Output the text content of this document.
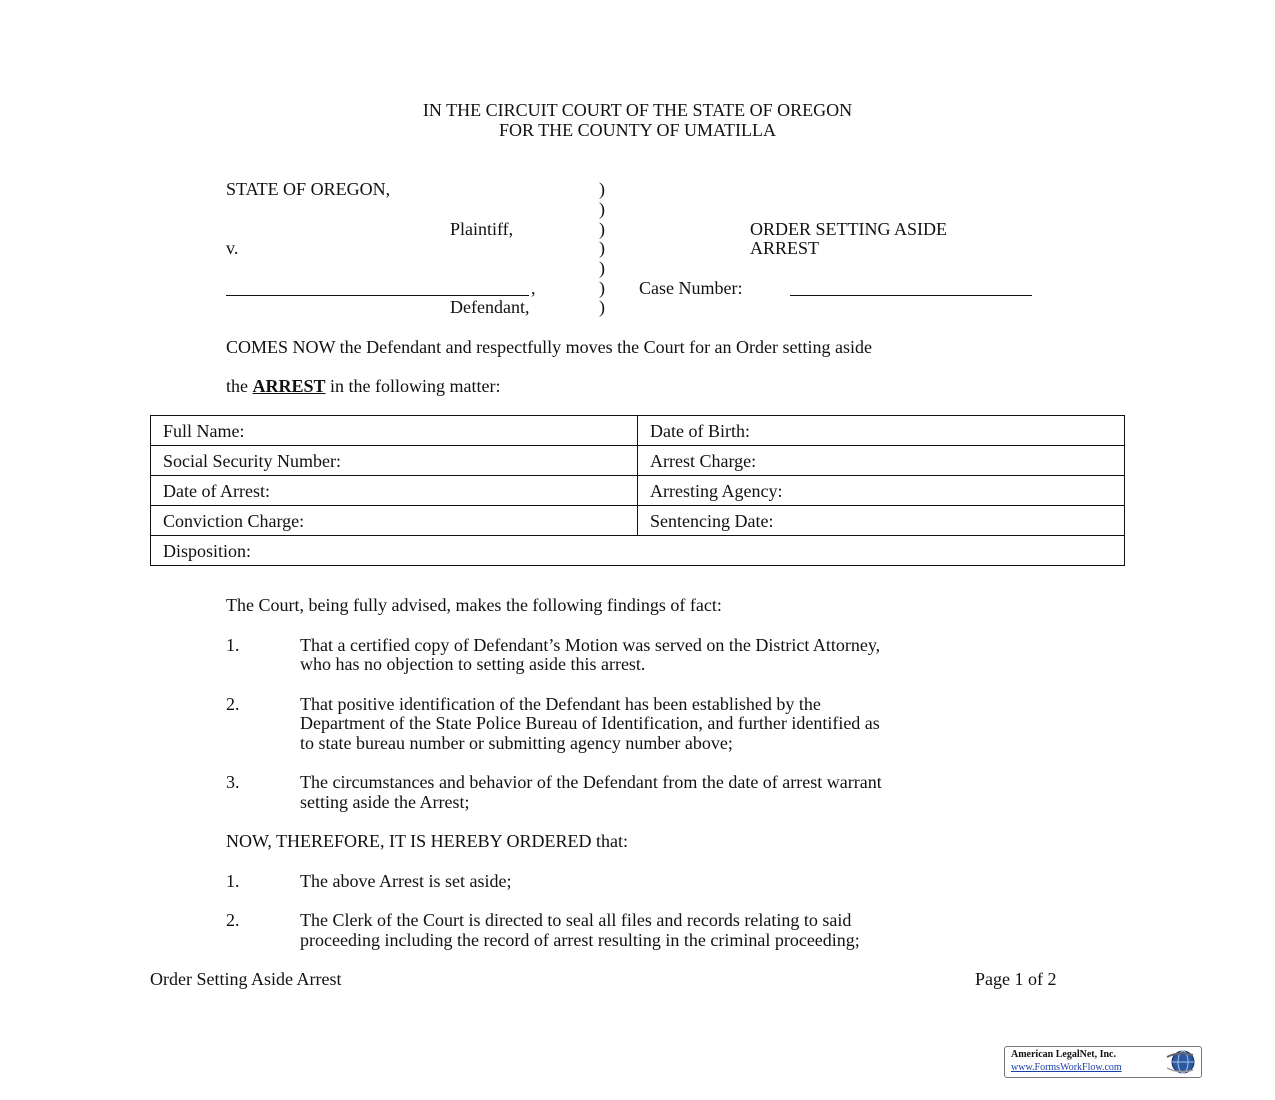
IN THE CIRCUIT COURT OF THE STATE OF OREGON
FOR THE COUNTY OF UMATILLA
STATE OF OREGON,
Plaintiff,
v.
,
Defendant,
)
)
)
)
)
)
)
ORDER SETTING ASIDE
ARREST
Case Number:
COMES NOW the Defendant and respectfully moves the Court for an Order setting aside
the ARREST in the following matter:
Full Name:	Date of Birth:
Social Security Number:	Arrest Charge:
Date of Arrest:	Arresting Agency:
Conviction Charge:	Sentencing Date:
Disposition:	
The Court, being fully advised, makes the following findings of fact:
1.	That a certified copy of Defendant’s Motion was served on the District Attorney,
who has no objection to setting aside this arrest.
2.	That positive identification of the Defendant has been established by the
Department of the State Police Bureau of Identification, and further identified as
to state bureau number or submitting agency number above;
3.	The circumstances and behavior of the Defendant from the date of arrest warrant
setting aside the Arrest;
NOW, THEREFORE, IT IS HEREBY ORDERED that:
1.	The above Arrest is set aside;
2.	The Clerk of the Court is directed to seal all files and records relating to said
proceeding including the record of arrest resulting in the criminal proceeding;
Order Setting Aside Arrest	Page 1 of 2
American LegalNet, Inc.
www.FormsWorkFlow.com
